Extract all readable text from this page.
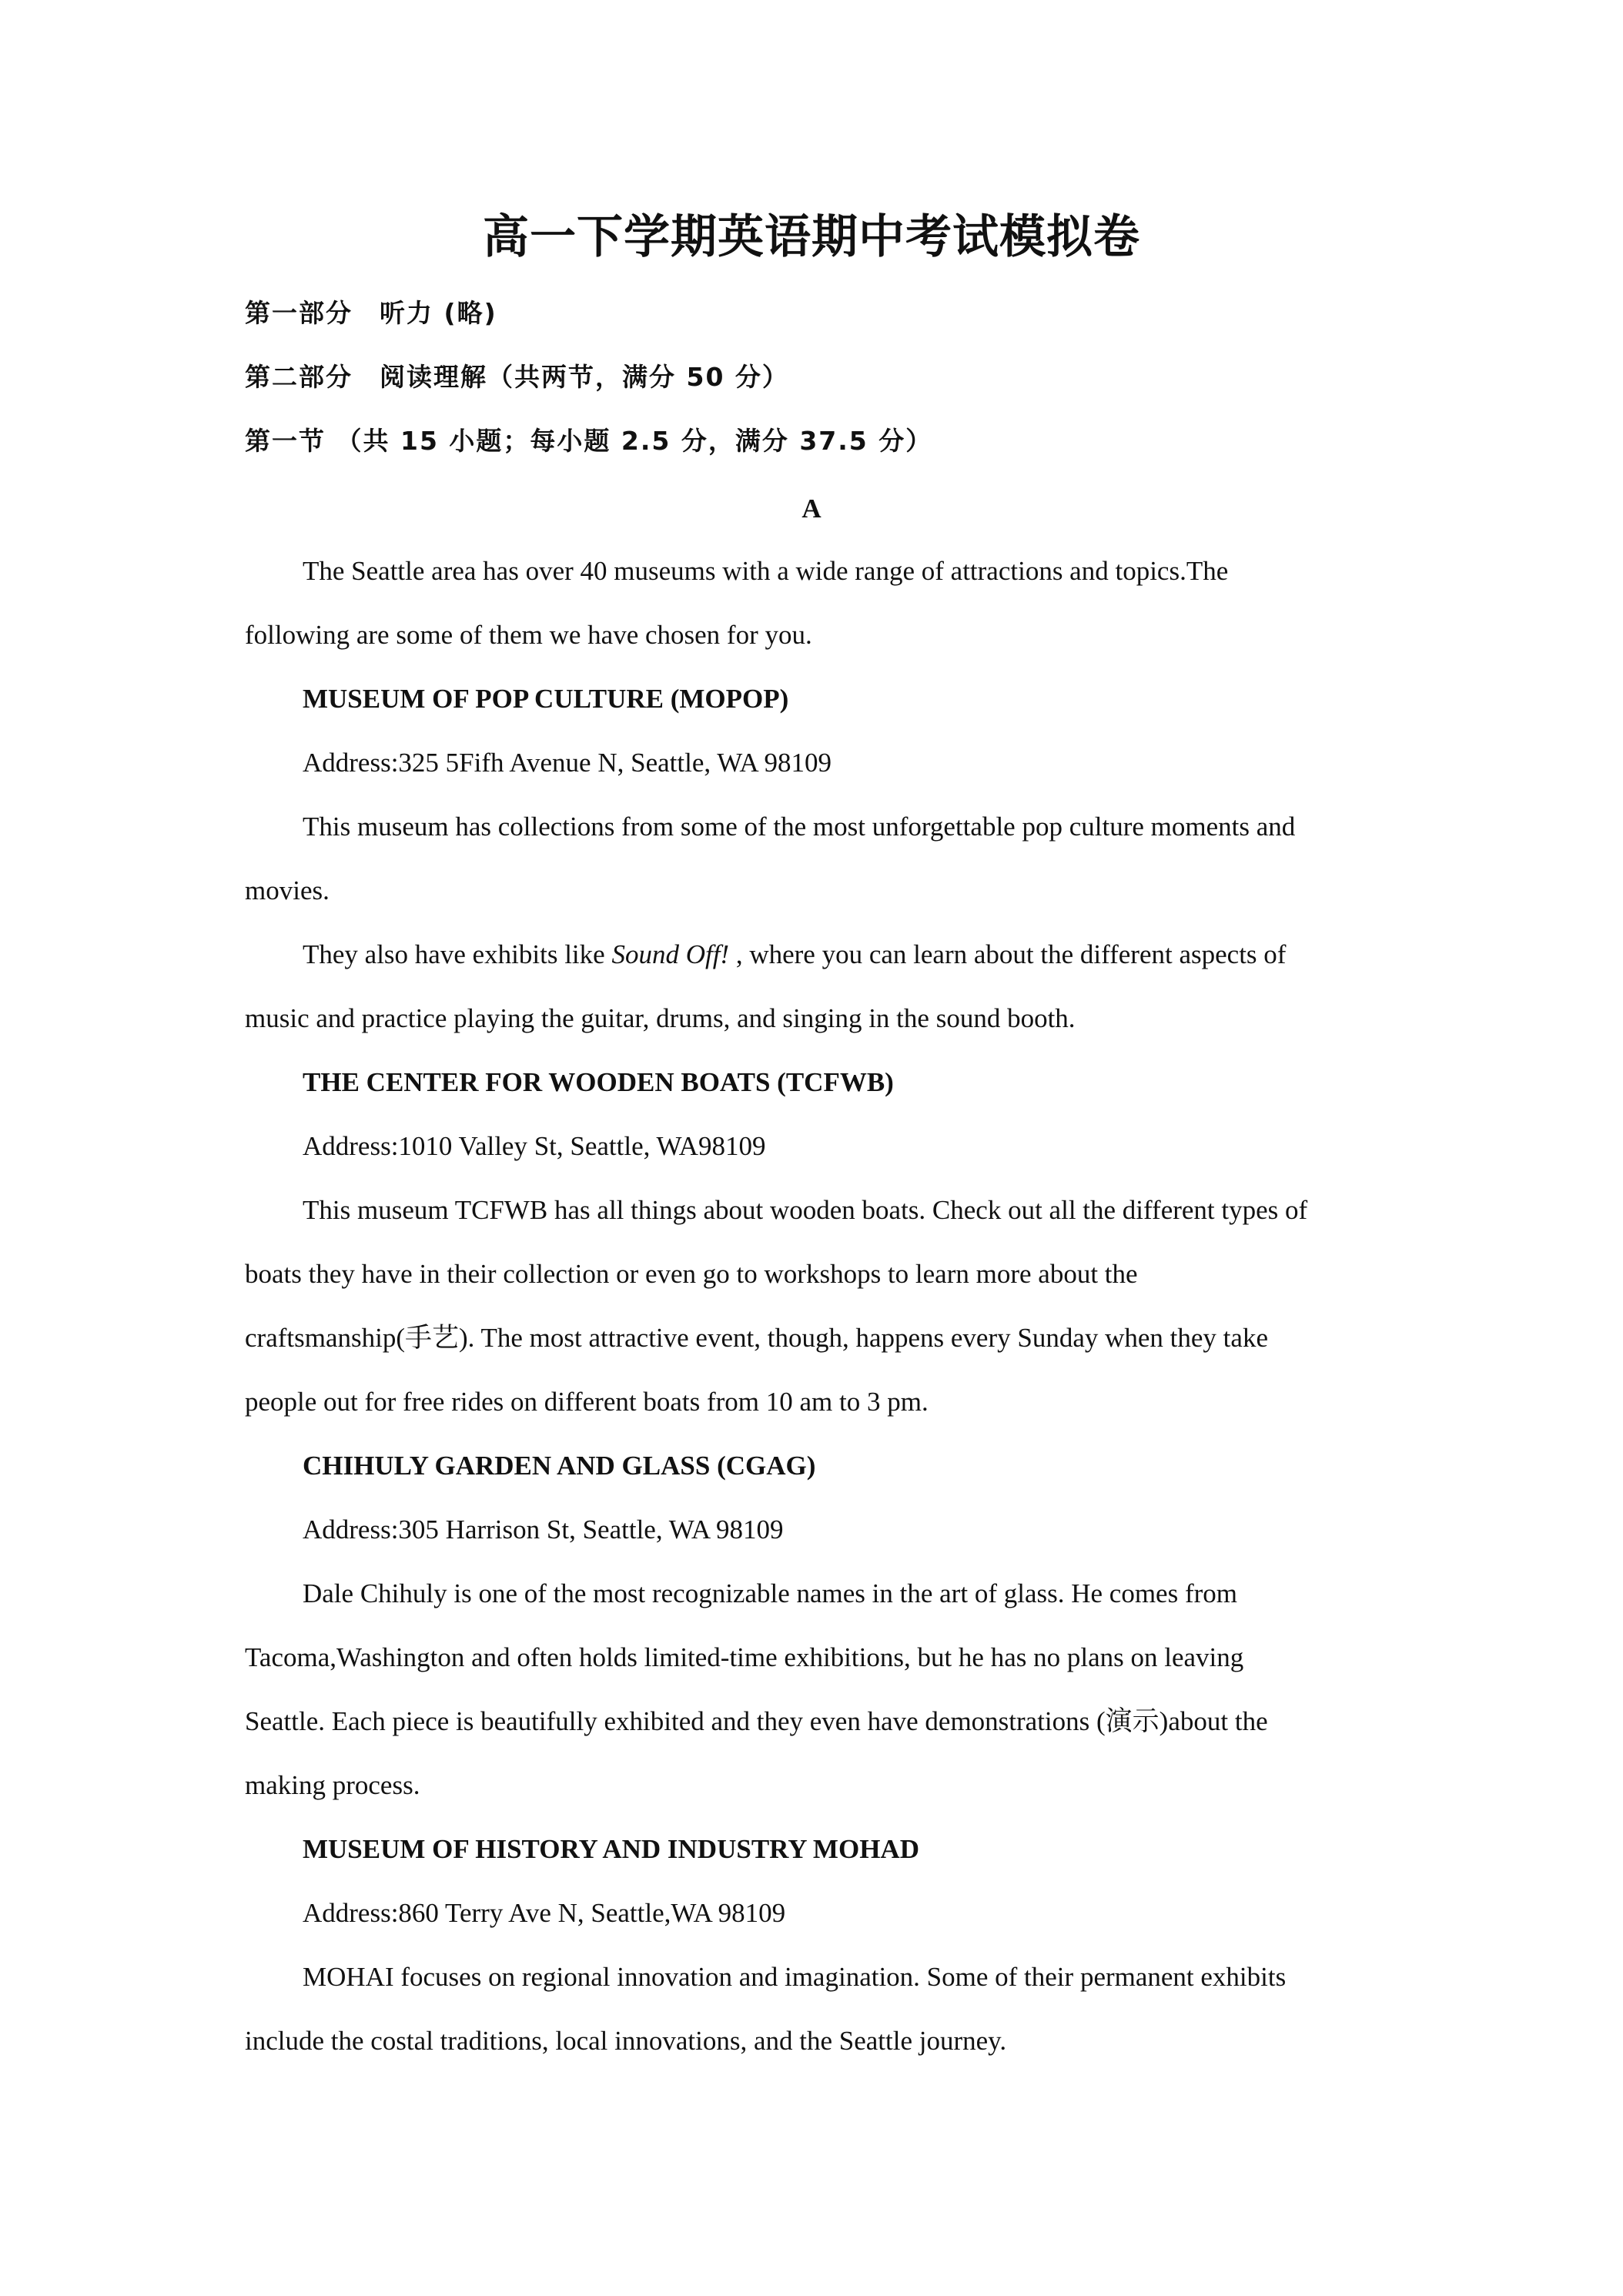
高一下学期英语期中考试模拟卷
第一部分　听力 (略)
第二部分　阅读理解（共两节，满分 50 分）
第一节 （共 15 小题；每小题 2.5 分，满分 37.5 分）
A
The Seattle area has over 40 museums with a wide range of attractions and topics.The
following are some of them we have chosen for you.
MUSEUM OF POP CULTURE (MOPOP)
Address:325 5Fifh Avenue N, Seattle, WA 98109
This museum has collections from some of the most unforgettable pop culture moments and
movies.
They also have exhibits like Sound Off! , where you can learn about the different aspects of
music and practice playing the guitar, drums, and singing in the sound booth.
THE CENTER FOR WOODEN BOATS (TCFWB)
Address:1010 Valley St, Seattle, WA98109
This museum TCFWB has all things about wooden boats. Check out all the different types of
boats they have in their collection or even go to workshops to learn more about the
craftsmanship(手艺). The most attractive event, though, happens every Sunday when they take
people out for free rides on different boats from 10 am to 3 pm.
CHIHULY GARDEN AND GLASS (CGAG)
Address:305 Harrison St, Seattle, WA 98109
Dale Chihuly is one of the most recognizable names in the art of glass. He comes from
Tacoma,Washington and often holds limited-time exhibitions, but he has no plans on leaving
Seattle. Each piece is beautifully exhibited and they even have demonstrations (演示)about the
making process.
MUSEUM OF HISTORY AND INDUSTRY MOHAD
Address:860 Terry Ave N, Seattle,WA 98109
MOHAI focuses on regional innovation and imagination. Some of their permanent exhibits
include the costal traditions, local innovations, and the Seattle journey.
